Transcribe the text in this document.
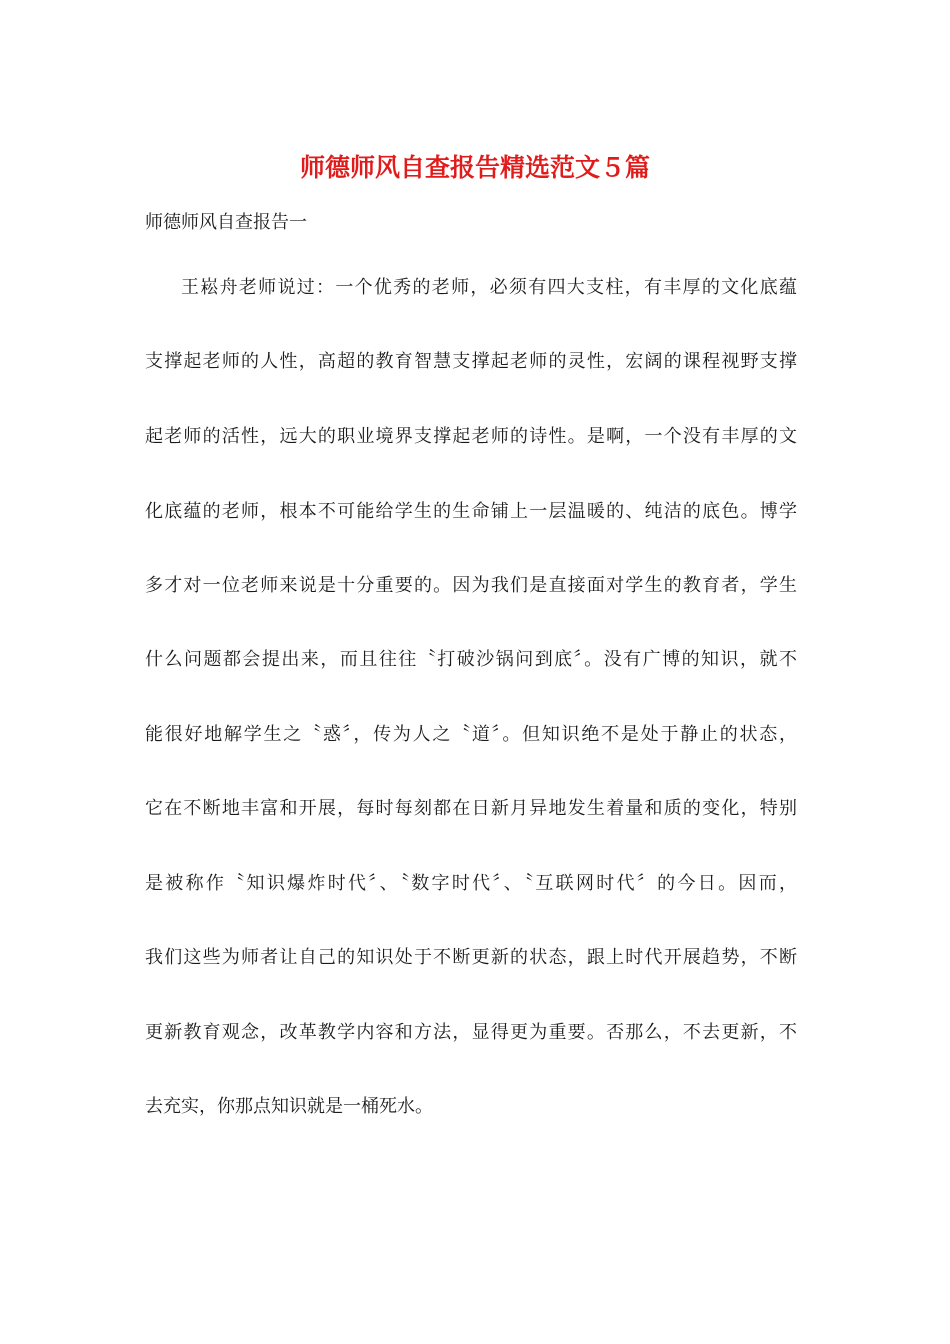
师德师风自查报告精选范文５篇

师德师风自查报告一

王崧舟老师说过：一个优秀的老师，必须有四大支柱，有丰厚的文化底蕴

支撑起老师的人性，高超的教育智慧支撑起老师的灵性，宏阔的课程视野支撑

起老师的活性，远大的职业境界支撑起老师的诗性。是啊，一个没有丰厚的文

化底蕴的老师，根本不可能给学生的生命铺上一层温暖的、纯洁的底色。博学

多才对一位老师来说是十分重要的。因为我们是直接面对学生的教育者，学生

什么问题都会提出来，而且往往〝打破沙锅问到底〞。没有广博的知识，就不

能很好地解学生之〝惑〞，传为人之〝道〞。但知识绝不是处于静止的状态，

它在不断地丰富和开展，每时每刻都在日新月异地发生着量和质的变化，特别

是被称作〝知识爆炸时代〞、〝数字时代〞、〝互联网时代〞的今日。因而，

我们这些为师者让自己的知识处于不断更新的状态，跟上时代开展趋势，不断

更新教育观念，改革教学内容和方法，显得更为重要。否那么，不去更新，不

去充实，你那点知识就是一桶死水。
